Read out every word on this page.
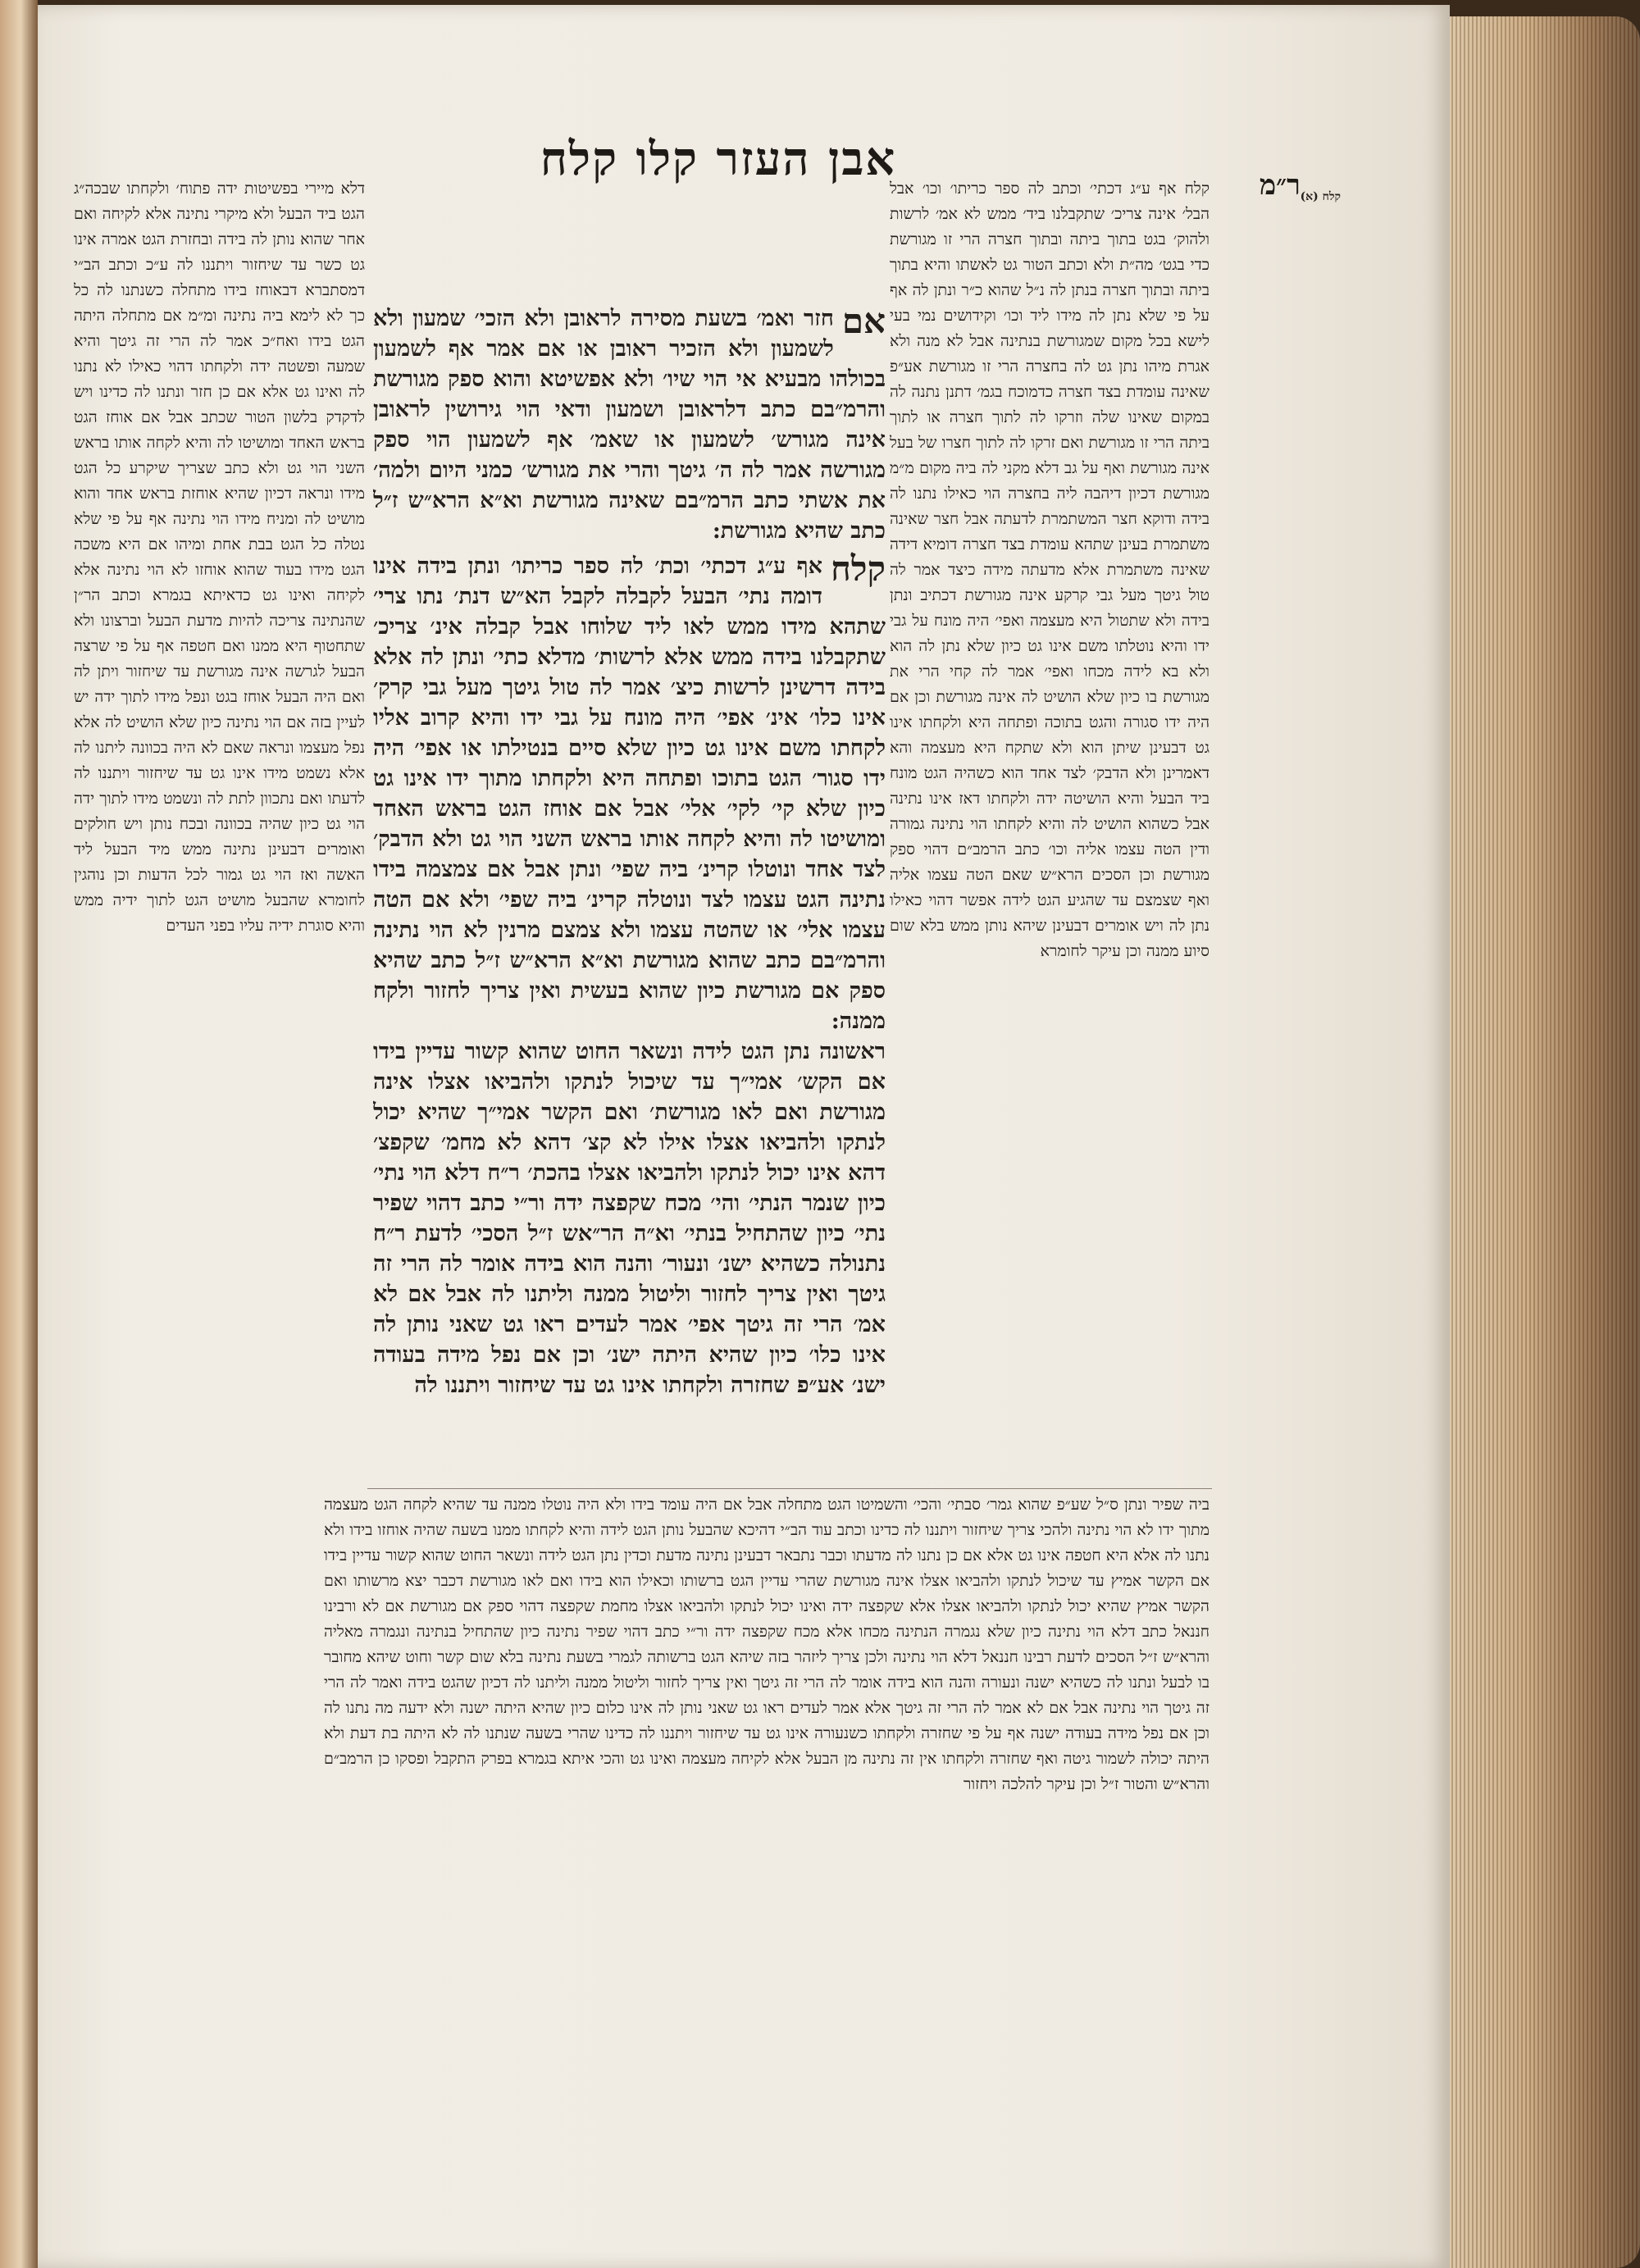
אבן העזר קלו קלח	ר״מ קלח (א)

קלח אף ע״ג דכתי׳ וכתב לה ספר כריתו׳ וכו׳ אבל הבל׳ אינה צריכ׳ שתקבלנו ביד׳ ממש לא אמ׳ לרשות ולהוק׳ בגט בתוך ביתה ובתוך חצרה הרי זו מגורשת כדי בגט׳ מה״ת ולא וכתב הטור גט לאשתו והיא בתוך ביתה ובתוך חצרה בנתן לה נ״ל שהוא כ״ר ונתן לה אף על פי שלא נתן לה מידו ליד וכו׳ וקידושים נמי בעי לישא בכל מקום שמגורשת בנתינה אבל לא מנה ולא אגרת מיהו נתן גט לה בחצרה הרי זו מגורשת אע״פ שאינה עומדת בצד חצרה כדמוכח בגמ׳ דתנן נתנה לה במקום שאינו שלה וזרקו לה לתוך חצרה או לתוך ביתה הרי זו מגורשת ואם זרקו לה לתוך חצרו של בעל אינה מגורשת ואף על גב דלא מקני לה ביה מקום מ״מ מגורשת דכיון דיהבה ליה בחצרה הוי כאילו נתנו לה בידה ודוקא חצר המשתמרת לדעתה אבל חצר שאינה משתמרת בעינן שתהא עומדת בצד חצרה דומיא דידה שאינה משתמרת אלא מדעתה מידה כיצד אמר לה טול גיטך מעל גבי קרקע אינה מגורשת דכתיב ונתן בידה ולא שתטול היא מעצמה ואפי׳ היה מונח על גבי ידו והיא נוטלתו משם אינו גט כיון שלא נתן לה הוא ולא בא לידה מכחו ואפי׳ אמר לה קחי הרי את מגורשת בו כיון שלא הושיט לה אינה מגורשת וכן אם היה ידו סגורה והגט בתוכה ופתחה היא ולקחתו אינו גט דבעינן שיתן הוא ולא שתקח היא מעצמה והא דאמרינן ולא הדבק׳ לצד אחד הוא כשהיה הגט מונח ביד הבעל והיא הושיטה ידה ולקחתו דאז אינו נתינה אבל כשהוא הושיט לה והיא לקחתו הוי נתינה גמורה ודין הטה עצמו אליה וכו׳ כתב הרמב״ם דהוי ספק מגורשת וכן הסכים הרא״ש שאם הטה עצמו אליה ואף שצמצם עד שהגיע הגט לידה אפשר דהוי כאילו נתן לה ויש אומרים דבעינן שיהא נותן ממש בלא שום סיוע ממנה וכן עיקר לחומרא

אם
חזר ואמ׳ בשעת מסירה לראובן ולא הזכי׳ שמעון ולא לשמעון ולא הזכיר ראובן או אם אמר אף לשמעון בכולהו מבעיא אי הוי שיו׳ ולא אפשיטא והוא ספק מגורשת והרמ״בם כתב דלראובן ושמעון ודאי הוי גירושין לראובן אינה מגורש׳ לשמעון או שאמ׳ אף לשמעון הוי ספק מגורשה אמר לה ה׳ גיטך והרי את מגורש׳ כמני היום ולמה׳ את אשתי כתב הרמ״בם שאינה מגורשת וא״א הרא״ש ז״ל כתב שהיא מגורשת:

קלח
אף ע״ג דכתי׳ וכת׳ לה ספר כריתו׳ ונתן בידה אינו דומה נתי׳ הבעל לקבלה לקבל הא״ש דנת׳ נתו צרי׳ שתהא מידו ממש לאו ליד שלוחו אבל קבלה אינ׳ צריכ׳ שתקבלנו בידה ממש אלא לרשות׳ מדלא כתי׳ ונתן לה אלא בידה דרשינן לרשות כיצ׳ אמר לה טול גיטך מעל גבי קרק׳ אינו כלו׳ אינ׳ אפי׳ היה מונח על גבי ידו והיא קרוב אליו לקחתו משם אינו גט כיון שלא סיים בנטילתו או אפי׳ היה ידו סגור׳ הגט בתוכו ופתחה היא ולקחתו מתוך ידו אינו גט כיון שלא קי׳ לקי׳ אלי׳ אבל אם אוחז הגט בראש האחד ומושיטו לה והיא לקחה אותו בראש השני הוי גט ולא הדבק׳ לצד אחד ונוטלו קרינ׳ ביה שפי׳ ונתן אבל אם צמצמה בידו נתינה הגט עצמו לצד ונוטלה קרינ׳ ביה שפי׳ ולא אם הטה עצמו אלי׳ או שהטה עצמו ולא צמצם מרנין לא הוי נתינה והרמ״בם כתב שהוא מגורשת וא״א הרא״ש ז״ל כתב שהיא ספק אם מגורשת כיון שהוא בעשית ואין צריך לחזור ולקח ממנה:

ראשונה נתן הגט לידה ונשאר החוט שהוא קשור עדיין בידו אם הקש׳ אמי״ך עד שיכול לנתקו ולהביאו אצלו אינה מגורשת ואם לאו מגורשת׳ ואם הקשר אמי״ך שהיא יכול לנתקו ולהביאו אצלו אילו לא קצ׳ דהא לא מחמ׳ שקפצ׳ דהא אינו יכול לנתקו ולהביאו אצלו בהכת׳ ר״ח דלא הוי נתי׳ כיון שנמר הנתי׳ והי׳ מכח שקפצה ידה ור״י כתב דהוי שפיר נתי׳ כיון שהתחיל בנתי׳ וא״ה הר״אש ז״ל הסכי׳ לדעת ר״ח נתנולה כשהיא ישנ׳ ונעור׳ והנה הוא בידה אומר לה הרי זה גיטך ואין צריך לחזור וליטול ממנה וליתנו לה אבל אם לא אמ׳ הרי זה גיטך אפי׳ אמר לעדים ראו גט שאני נותן לה אינו כלו׳ כיון שהיא היתה ישנ׳ וכן אם נפל מידה בעודה ישנ׳ אע״פ שחזרה ולקחתו אינו גט עד שיחזור ויתננו לה

דלא מיירי בפשיטות ידה פתוח׳ ולקחתו שבכה״ג הגט ביד הבעל ולא מיקרי נתינה אלא לקיחה ואם אחר שהוא נותן לה בידה ובחזרת הגט אמרה אינו גט כשר עד שיחזור ויתננו לה ע״כ וכתב הב״י דמסתברא דבאוחז בידו מתחלה כשנתנו לה כל כך לא לימא ביה נתינה ומ״מ אם מתחלה היתה הגט בידו ואח״כ אמר לה הרי זה גיטך והיא שמעה ופשטה ידה ולקחתו דהוי כאילו לא נתנו לה ואינו גט אלא אם כן חזר ונתנו לה כדינו ויש לדקדק בלשון הטור שכתב אבל אם אוחז הגט בראש האחד ומושיטו לה והיא לקחה אותו בראש השני הוי גט ולא כתב שצריך שיקרע כל הגט מידו ונראה דכיון שהיא אוחזת בראש אחד והוא מושיט לה ומניח מידו הוי נתינה אף על פי שלא נטלה כל הגט בבת אחת ומיהו אם היא משכה הגט מידו בעוד שהוא אוחזו לא הוי נתינה אלא לקיחה ואינו גט כדאיתא בגמרא וכתב הר״ן שהנתינה צריכה להיות מדעת הבעל וברצונו ולא שתחטוף היא ממנו ואם חטפה אף על פי שרצה הבעל לגרשה אינה מגורשת עד שיחזור ויתן לה ואם היה הבעל אוחז בגט ונפל מידו לתוך ידה יש לעיין בזה אם הוי נתינה כיון שלא הושיט לה אלא נפל מעצמו ונראה שאם לא היה בכוונה ליתנו לה אלא נשמט מידו אינו גט עד שיחזור ויתננו לה לדעתו ואם נתכוון לתת לה ונשמט מידו לתוך ידה הוי גט כיון שהיה בכוונה ובכח נותן ויש חולקים ואומרים דבעינן נתינה ממש מיד הבעל ליד האשה ואז הוי גט גמור לכל הדעות וכן נוהגין לחומרא שהבעל מושיט הגט לתוך ידיה ממש והיא סוגרת ידיה עליו בפני העדים

ביה שפיר ונתן ס״ל שע״פ שהוא גמר׳ סבתי׳ והכי׳ והשמיטו הגט מתחלה אבל אם היה עומד בידו ולא היה נוטלו ממנה עד שהיא לקחה הגט מעצמה מתוך ידו לא הוי נתינה ולהכי צריך שיחזור ויתננו לה כדינו וכתב עוד הב״י דהיכא שהבעל נותן הגט לידה והיא לקחתו ממנו בשעה שהיה אוחזו בידו ולא נתנו לה אלא היא חטפה אינו גט אלא אם כן נתנו לה מדעתו וכבר נתבאר דבעינן נתינה מדעת וכדין נתן הגט לידה ונשאר החוט שהוא קשור עדיין בידו אם הקשר אמיץ עד שיכול לנתקו ולהביאו אצלו אינה מגורשת שהרי עדיין הגט ברשותו וכאילו הוא בידו ואם לאו מגורשת דכבר יצא מרשותו ואם הקשר אמיץ שהיא יכול לנתקו ולהביאו אצלו אלא שקפצה ידה ואינו יכול לנתקו ולהביאו אצלו מחמת שקפצה דהוי ספק אם מגורשת אם לא ורבינו חננאל כתב דלא הוי נתינה כיון שלא נגמרה הנתינה מכחו אלא מכח שקפצה ידה ור״י כתב דהוי שפיר נתינה כיון שהתחיל בנתינה ונגמרה מאליה והרא״ש ז״ל הסכים לדעת רבינו חננאל דלא הוי נתינה ולכן צריך ליזהר בזה שיהא הגט ברשותה לגמרי בשעת נתינה בלא שום קשר וחוט שיהא מחובר בו לבעל ונתנו לה כשהיא ישנה ונעורה והנה הוא בידה אומר לה הרי זה גיטך ואין צריך לחזור וליטול ממנה וליתנו לה דכיון שהגט בידה ואמר לה הרי זה גיטך הוי נתינה אבל אם לא אמר לה הרי זה גיטך אלא אמר לעדים ראו גט שאני נותן לה אינו כלום כיון שהיא היתה ישנה ולא ידעה מה נתנו לה וכן אם נפל מידה בעודה ישנה אף על פי שחזרה ולקחתו כשנעורה אינו גט עד שיחזור ויתננו לה כדינו שהרי בשעה שנתנו לה לא היתה בת דעת ולא היתה יכולה לשמור גיטה ואף שחזרה ולקחתו אין זה נתינה מן הבעל אלא לקיחה מעצמה ואינו גט והכי איתא בגמרא בפרק התקבל ופסקו כן הרמב״ם והרא״ש והטור ז״ל וכן עיקר להלכה ויחזור
